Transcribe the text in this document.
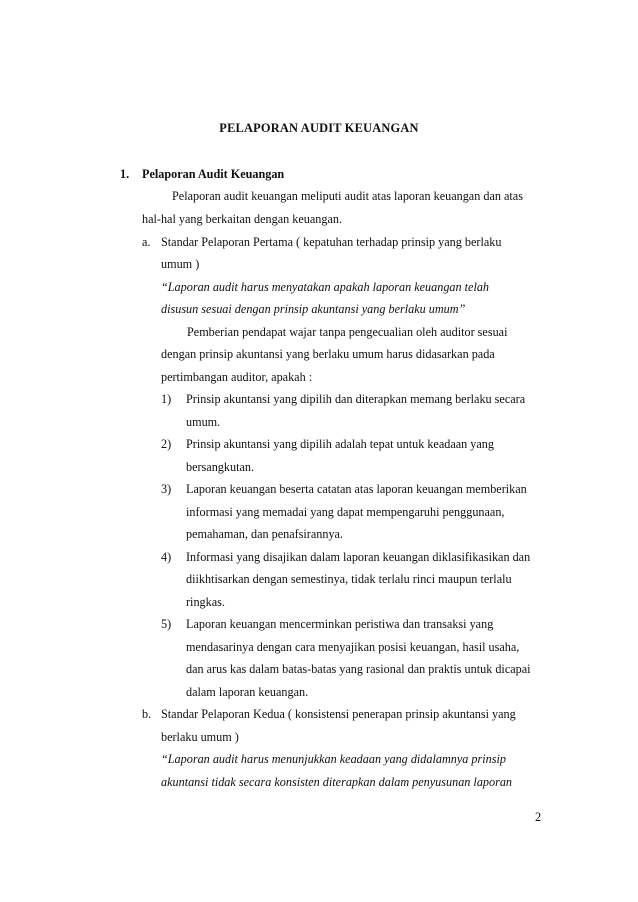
PELAPORAN AUDIT KEUANGAN
1. Pelaporan Audit Keuangan
Pelaporan audit keuangan meliputi audit atas laporan keuangan dan atas
hal-hal yang berkaitan dengan keuangan.
a. Standar Pelaporan Pertama ( kepatuhan terhadap prinsip yang berlaku
umum )
“Laporan audit harus menyatakan apakah laporan keuangan telah
disusun sesuai dengan prinsip akuntansi yang berlaku umum”
Pemberian pendapat wajar tanpa pengecualian oleh auditor sesuai
dengan prinsip akuntansi yang berlaku umum harus didasarkan pada
pertimbangan auditor, apakah :
1) Prinsip akuntansi yang dipilih dan diterapkan memang berlaku secara
umum.
2) Prinsip akuntansi yang dipilih adalah tepat untuk keadaan yang
bersangkutan.
3) Laporan keuangan beserta catatan atas laporan keuangan memberikan
informasi yang memadai yang dapat mempengaruhi penggunaan,
pemahaman, dan penafsirannya.
4) Informasi yang disajikan dalam laporan keuangan diklasifikasikan dan
diikhtisarkan dengan semestinya, tidak terlalu rinci maupun terlalu
ringkas.
5) Laporan keuangan mencerminkan peristiwa dan transaksi yang
mendasarinya dengan cara menyajikan posisi keuangan, hasil usaha,
dan arus kas dalam batas-batas yang rasional dan praktis untuk dicapai
dalam laporan keuangan.
b. Standar Pelaporan Kedua ( konsistensi penerapan prinsip akuntansi yang
berlaku umum )
“Laporan audit harus menunjukkan keadaan yang didalamnya prinsip
akuntansi tidak secara konsisten diterapkan dalam penyusunan laporan
2
